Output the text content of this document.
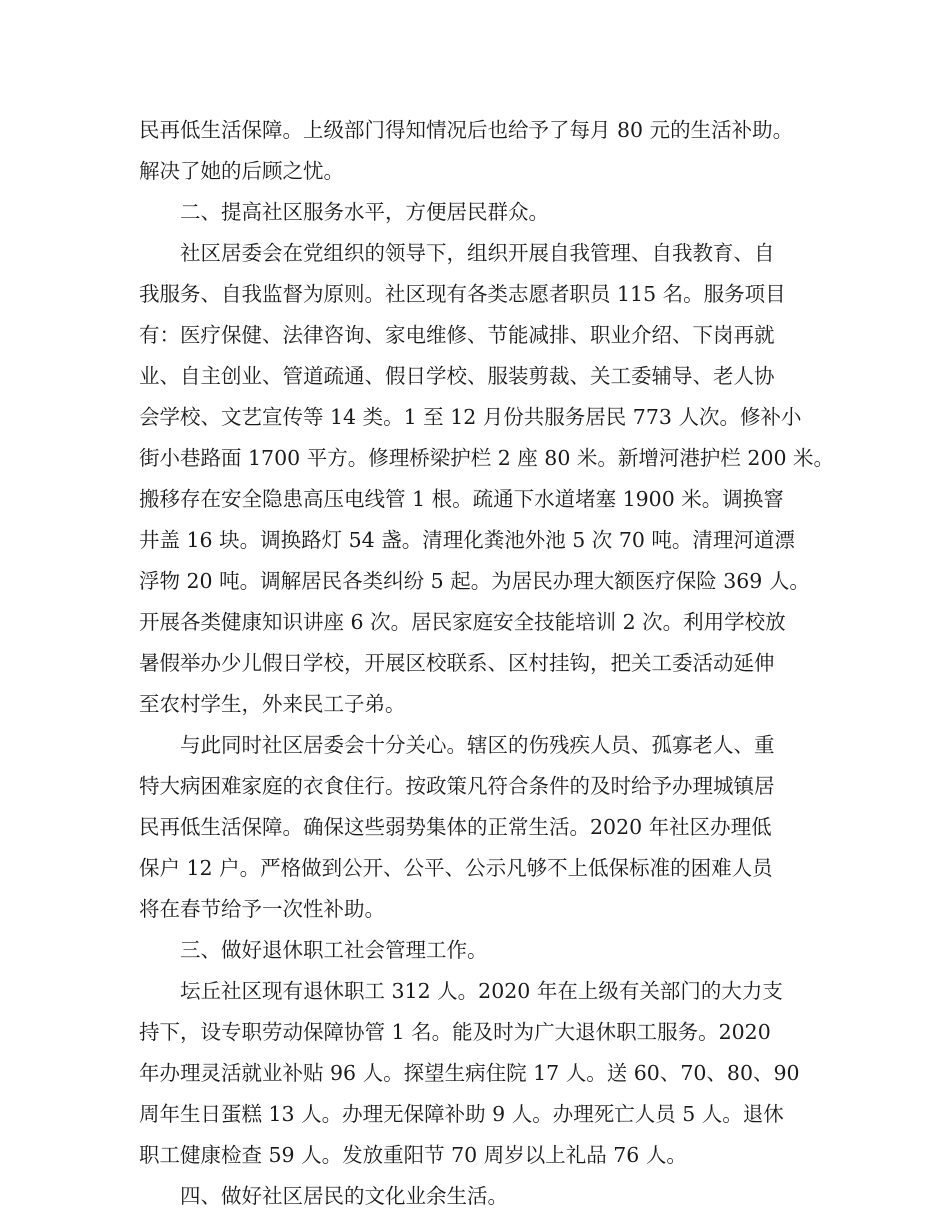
民再低生活保障。上级部门得知情况后也给予了每月 80 元的生活补助。
解决了她的后顾之忧。
二、提高社区服务水平，方便居民群众。
社区居委会在党组织的领导下，组织开展自我管理、自我教育、自
我服务、自我监督为原则。社区现有各类志愿者职员 115 名。服务项目
有：医疗保健、法律咨询、家电维修、节能减排、职业介绍、下岗再就
业、自主创业、管道疏通、假日学校、服装剪裁、关工委辅导、老人协
会学校、文艺宣传等 14 类。1 至 12 月份共服务居民 773 人次。修补小
街小巷路面 1700 平方。修理桥梁护栏 2 座 80 米。新增河港护栏 200 米。
搬移存在安全隐患高压电线管 1 根。疏通下水道堵塞 1900 米。调换窨
井盖 16 块。调换路灯 54 盏。清理化粪池外池 5 次 70 吨。清理河道漂
浮物 20 吨。调解居民各类纠纷 5 起。为居民办理大额医疗保险 369 人。
开展各类健康知识讲座 6 次。居民家庭安全技能培训 2 次。利用学校放
暑假举办少儿假日学校，开展区校联系、区村挂钩，把关工委活动延伸
至农村学生，外来民工子弟。
与此同时社区居委会十分关心。辖区的伤残疾人员、孤寡老人、重
特大病困难家庭的衣食住行。按政策凡符合条件的及时给予办理城镇居
民再低生活保障。确保这些弱势集体的正常生活。2020 年社区办理低
保户 12 户。严格做到公开、公平、公示凡够不上低保标准的困难人员
将在春节给予一次性补助。
三、做好退休职工社会管理工作。
坛丘社区现有退休职工 312 人。2020 年在上级有关部门的大力支
持下，设专职劳动保障协管 1 名。能及时为广大退休职工服务。2020
年办理灵活就业补贴 96 人。探望生病住院 17 人。送 60、70、80、90
周年生日蛋糕 13 人。办理无保障补助 9 人。办理死亡人员 5 人。退休
职工健康检查 59 人。发放重阳节 70 周岁以上礼品 76 人。
四、做好社区居民的文化业余生活。
